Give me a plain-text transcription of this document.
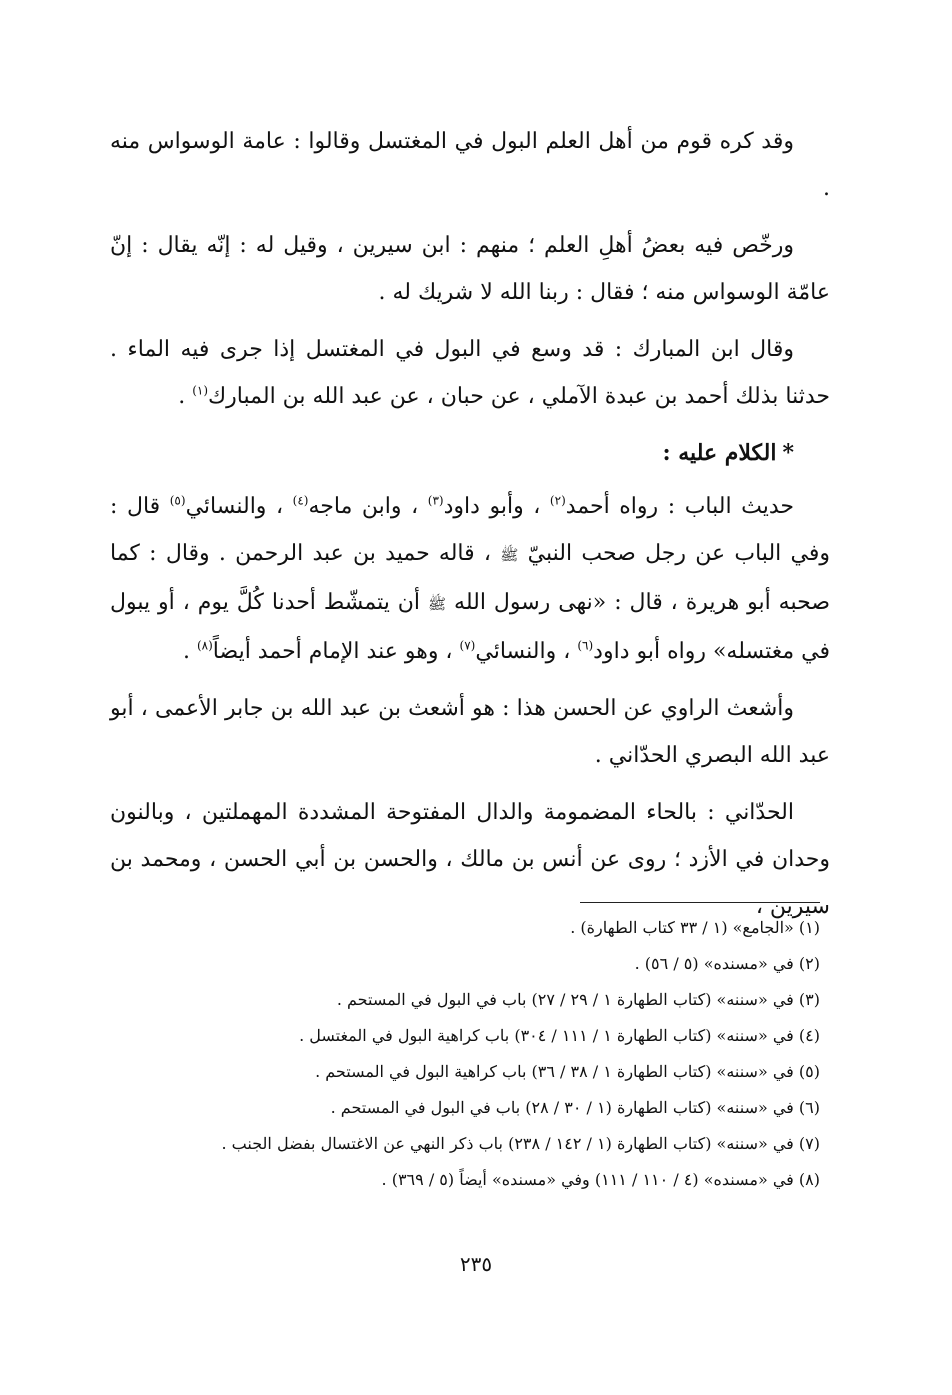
وقد كره قوم من أهل العلم البول في المغتسل وقالوا : عامة الوسواس منه .

ورخّص فيه بعضُ أهلِ العلم ؛ منهم : ابن سيرين ، وقيل له : إنّه يقال : إنّ عامّة الوسواس منه ؛ فقال : ربنا الله لا شريك له .

وقال ابن المبارك : قد وسع في البول في المغتسل إذا جرى فيه الماء . حدثنا بذلك أحمد بن عبدة الآملي ، عن حبان ، عن عبد الله بن المبارك$^{(١)}$ .

*الكلام عليه :

حديث الباب : رواه أحمد$^{(٢)}$ ، وأبو داود$^{(٣)}$ ، وابن ماجه$^{(٤)}$ ، والنسائي$^{(٥)}$ قال : وفي الباب عن رجل صحب النبيّ ﷺ ، قاله حميد بن عبد الرحمن . وقال : كما صحبه أبو هريرة ، قال : «نهى رسول الله ﷺ أن يتمشّط أحدنا كُلَّ يوم ، أو يبول في مغتسله» رواه أبو داود$^{(٦)}$ ، والنسائي$^{(٧)}$ ، وهو عند الإمام أحمد أيضاً$^{(٨)}$ .

وأشعث الراوي عن الحسن هذا : هو أشعث بن عبد الله بن جابر الأعمى ، أبو عبد الله البصري الحدّاني .

الحدّاني : بالحاء المضمومة والدال المفتوحة المشددة المهملتين ، وبالنون وحدان في الأزد ؛ روى عن أنس بن مالك ، والحسن بن أبي الحسن ، ومحمد بن سيرين ،

(١) «الجامع» (١ / ٣٣ كتاب الطهارة) .

(٢) في «مسنده» (٥ / ٥٦) .

(٣) في «سننه» (كتاب الطهارة ١ / ٢٩ / ٢٧) باب في البول في المستحم .

(٤) في «سننه» (كتاب الطهارة ١ / ١١١ / ٣٠٤) باب كراهية البول في المغتسل .

(٥) في «سننه» (كتاب الطهارة ١ / ٣٨ / ٣٦) باب كراهية البول في المستحم .

(٦) في «سننه» (كتاب الطهارة (١ / ٣٠ / ٢٨) باب في البول في المستحم .

(٧) في «سننه» (كتاب الطهارة (١ / ١٤٢ / ٢٣٨) باب ذكر النهي عن الاغتسال بفضل الجنب .

(٨) في «مسنده» (٤ / ١١٠ / ١١١) وفي «مسنده» أيضاً (٥ / ٣٦٩) .

٢٣٥
